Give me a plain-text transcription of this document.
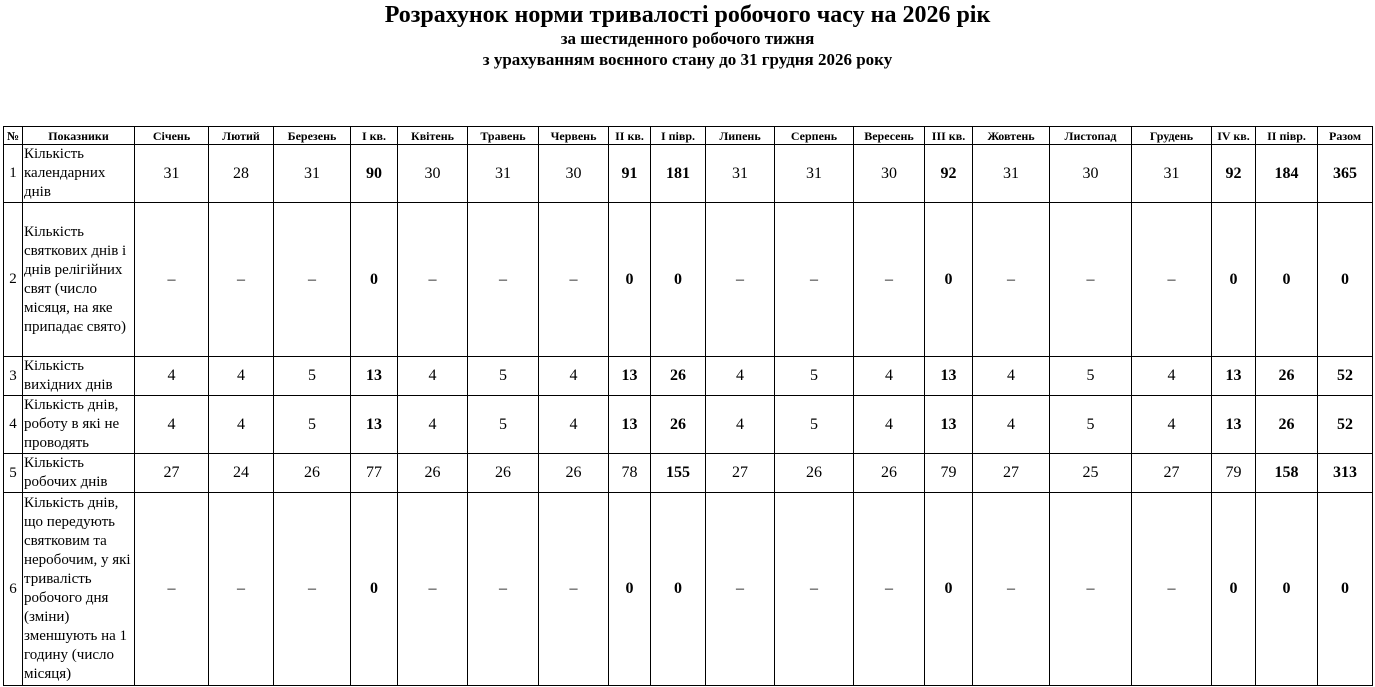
Розрахунок норми тривалості робочого часу на 2026 рік
за шестиденного робочого тижня
з урахуванням воєнного стану до 31 грудня 2026 року
№	Показники	Січень	Лютий	Березень	I кв.	Квітень	Травень	Червень	II кв.	I півр.	Липень	Серпень	Вересень	III кв.	Жовтень	Листопад	Грудень	IV кв.	II півр.	Разом
1	Кількість календарних днів	31	28	31	90	30	31	30	91	181	31	31	30	92	31	30	31	92	184	365
2	Кількість святкових днів і днів релігійних свят (число місяця, на яке припадає свято)	–	–	–	0	–	–	–	0	0	–	–	–	0	–	–	–	0	0	0
3	Кількість вихідних днів	4	4	5	13	4	5	4	13	26	4	5	4	13	4	5	4	13	26	52
4	Кількість днів, роботу в які не проводять	4	4	5	13	4	5	4	13	26	4	5	4	13	4	5	4	13	26	52
5	Кількість робочих днів	27	24	26	77	26	26	26	78	155	27	26	26	79	27	25	27	79	158	313
6	Кількість днів, що передують святковим та неробочим, у які тривалість робочого дня (зміни) зменшують на 1 годину (число місяця)	–	–	–	0	–	–	–	0	0	–	–	–	0	–	–	–	0	0	0
